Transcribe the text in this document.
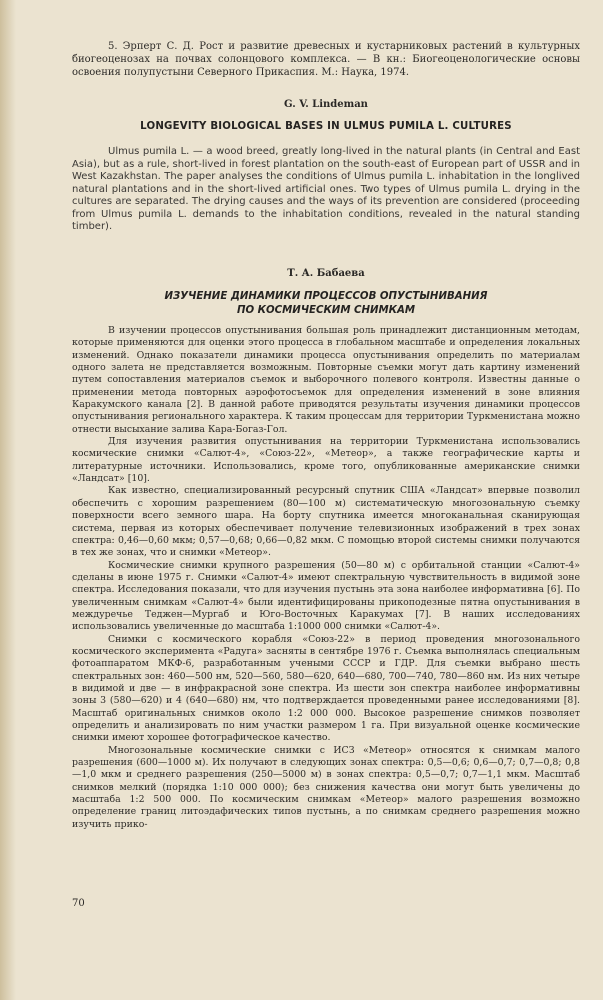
5. Эрперт С. Д. Рост и развитие древесных и кустарниковых растений в культурных биогеоценозах на почвах солонцового комплекса. — В кн.: Биогеоценологические основы освоения полупустыни Северного Прикаспия. М.: Наука, 1974.
G. V. Lindeman
LONGEVITY BIOLOGICAL BASES IN ULMUS PUMILA L. CULTURES
Ulmus pumila L. — a wood breed, greatly long-lived in the natural plants (in Central and East Asia), but as a rule, short-lived in forest plantation on the south-east of European part of USSR and in West Kazakhstan. The paper analyses the conditions of Ulmus pumila L. inhabitation in the longlived natural plantations and in the short-lived artificial ones. Two types of Ulmus pumila L. drying in the cultures are separated. The drying causes and the ways of its prevention are considered (proceeding from Ulmus pumila L. demands to the inhabitation conditions, revealed in the natural standing timber).
Т. А. Бабаева
ИЗУЧЕНИЕ ДИНАМИКИ ПРОЦЕССОВ ОПУСТЫНИВАНИЯ
ПО КОСМИЧЕСКИМ СНИМКАМ

В изучении процессов опустынивания большая роль принадлежит дистанционным методам, которые применяются для оценки этого процесса в глобальном масштабе и определения локальных изменений. Однако показатели динамики процесса опустынивания определить по материалам одного залета не представляется возможным. Повторные съемки могут дать картину изменений путем сопоставления материалов съемок и выборочного полевого контроля. Известны данные о применении метода повторных аэрофотосъемок для определения изменений в зоне влияния Каракумского канала [2]. В данной работе приводятся результаты изучения динамики процессов опустынивания регионального характера. К таким процессам для территории Туркменистана можно отнести высыхание залива Кара-Богаз-Гол.

Для изучения развития опустынивания на территории Туркменистана использовались космические снимки «Салют-4», «Союз-22», «Метеор», а также географические карты и литературные источники. Использовались, кроме того, опубликованные американские снимки «Ландсат» [10].

Как известно, специализированный ресурсный спутник США «Ландсат» впервые позволил обеспечить с хорошим разрешением (80—100 м) систематическую многозональную съемку поверхности всего земного шара. На борту спутника имеется многоканальная сканирующая система, первая из которых обеспечивает получение телевизионных изображений в трех зонах спектра: 0,46—0,60 мкм; 0,57—0,68; 0,66—0,82 мкм. С помощью второй системы снимки получаются в тех же зонах, что и снимки «Метеор».

Космические снимки крупного разрешения (50—80 м) с орбитальной станции «Салют-4» сделаны в июне 1975 г. Снимки «Салют-4» имеют спектральную чувствительность в видимой зоне спектра. Исследования показали, что для изучения пустынь эта зона наиболее информативна [6]. По увеличенным снимкам «Салют-4» были идентифицированы прикоподезные пятна опустынивания в междуречье Теджен—Мургаб и Юго-Восточных Каракумах [7]. В наших исследованиях использовались увеличенные до масштаба 1:1000 000 снимки «Салют-4».

Снимки с космического корабля «Союз-22» в период проведения многозонального космического эксперимента «Радуга» засняты в сентябре 1976 г. Съемка выполнялась специальным фотоаппаратом МКФ-6, разработанным учеными СССР и ГДР. Для съемки выбрано шесть спектральных зон: 460—500 нм, 520—560, 580—620, 640—680, 700—740, 780—860 нм. Из них четыре в видимой и две — в инфракрасной зоне спектра. Из шести зон спектра наиболее информативны зоны 3 (580—620) и 4 (640—680) нм, что подтверждается проведенными ранее исследованиями [8]. Масштаб оригинальных снимков около 1:2 000 000. Высокое разрешение снимков позволяет определить и анализировать по ним участки размером 1 га. При визуальной оценке космические снимки имеют хорошее фотографическое качество.

Многозональные космические снимки с ИСЗ «Метеор» относятся к снимкам малого разрешения (600—1000 м). Их получают в следующих зонах спектра: 0,5—0,6; 0,6—0,7; 0,7—0,8; 0,8—1,0 мкм и среднего разрешения (250—5000 м) в зонах спектра: 0,5—0,7; 0,7—1,1 мкм. Масштаб снимков мелкий (порядка 1:10 000 000); без снижения качества они могут быть увеличены до масштаба 1:2 500 000. По космическим снимкам «Метеор» малого разрешения возможно определение границ литоэдафических типов пустынь, а по снимкам среднего разрешения можно изучить прико-

70
